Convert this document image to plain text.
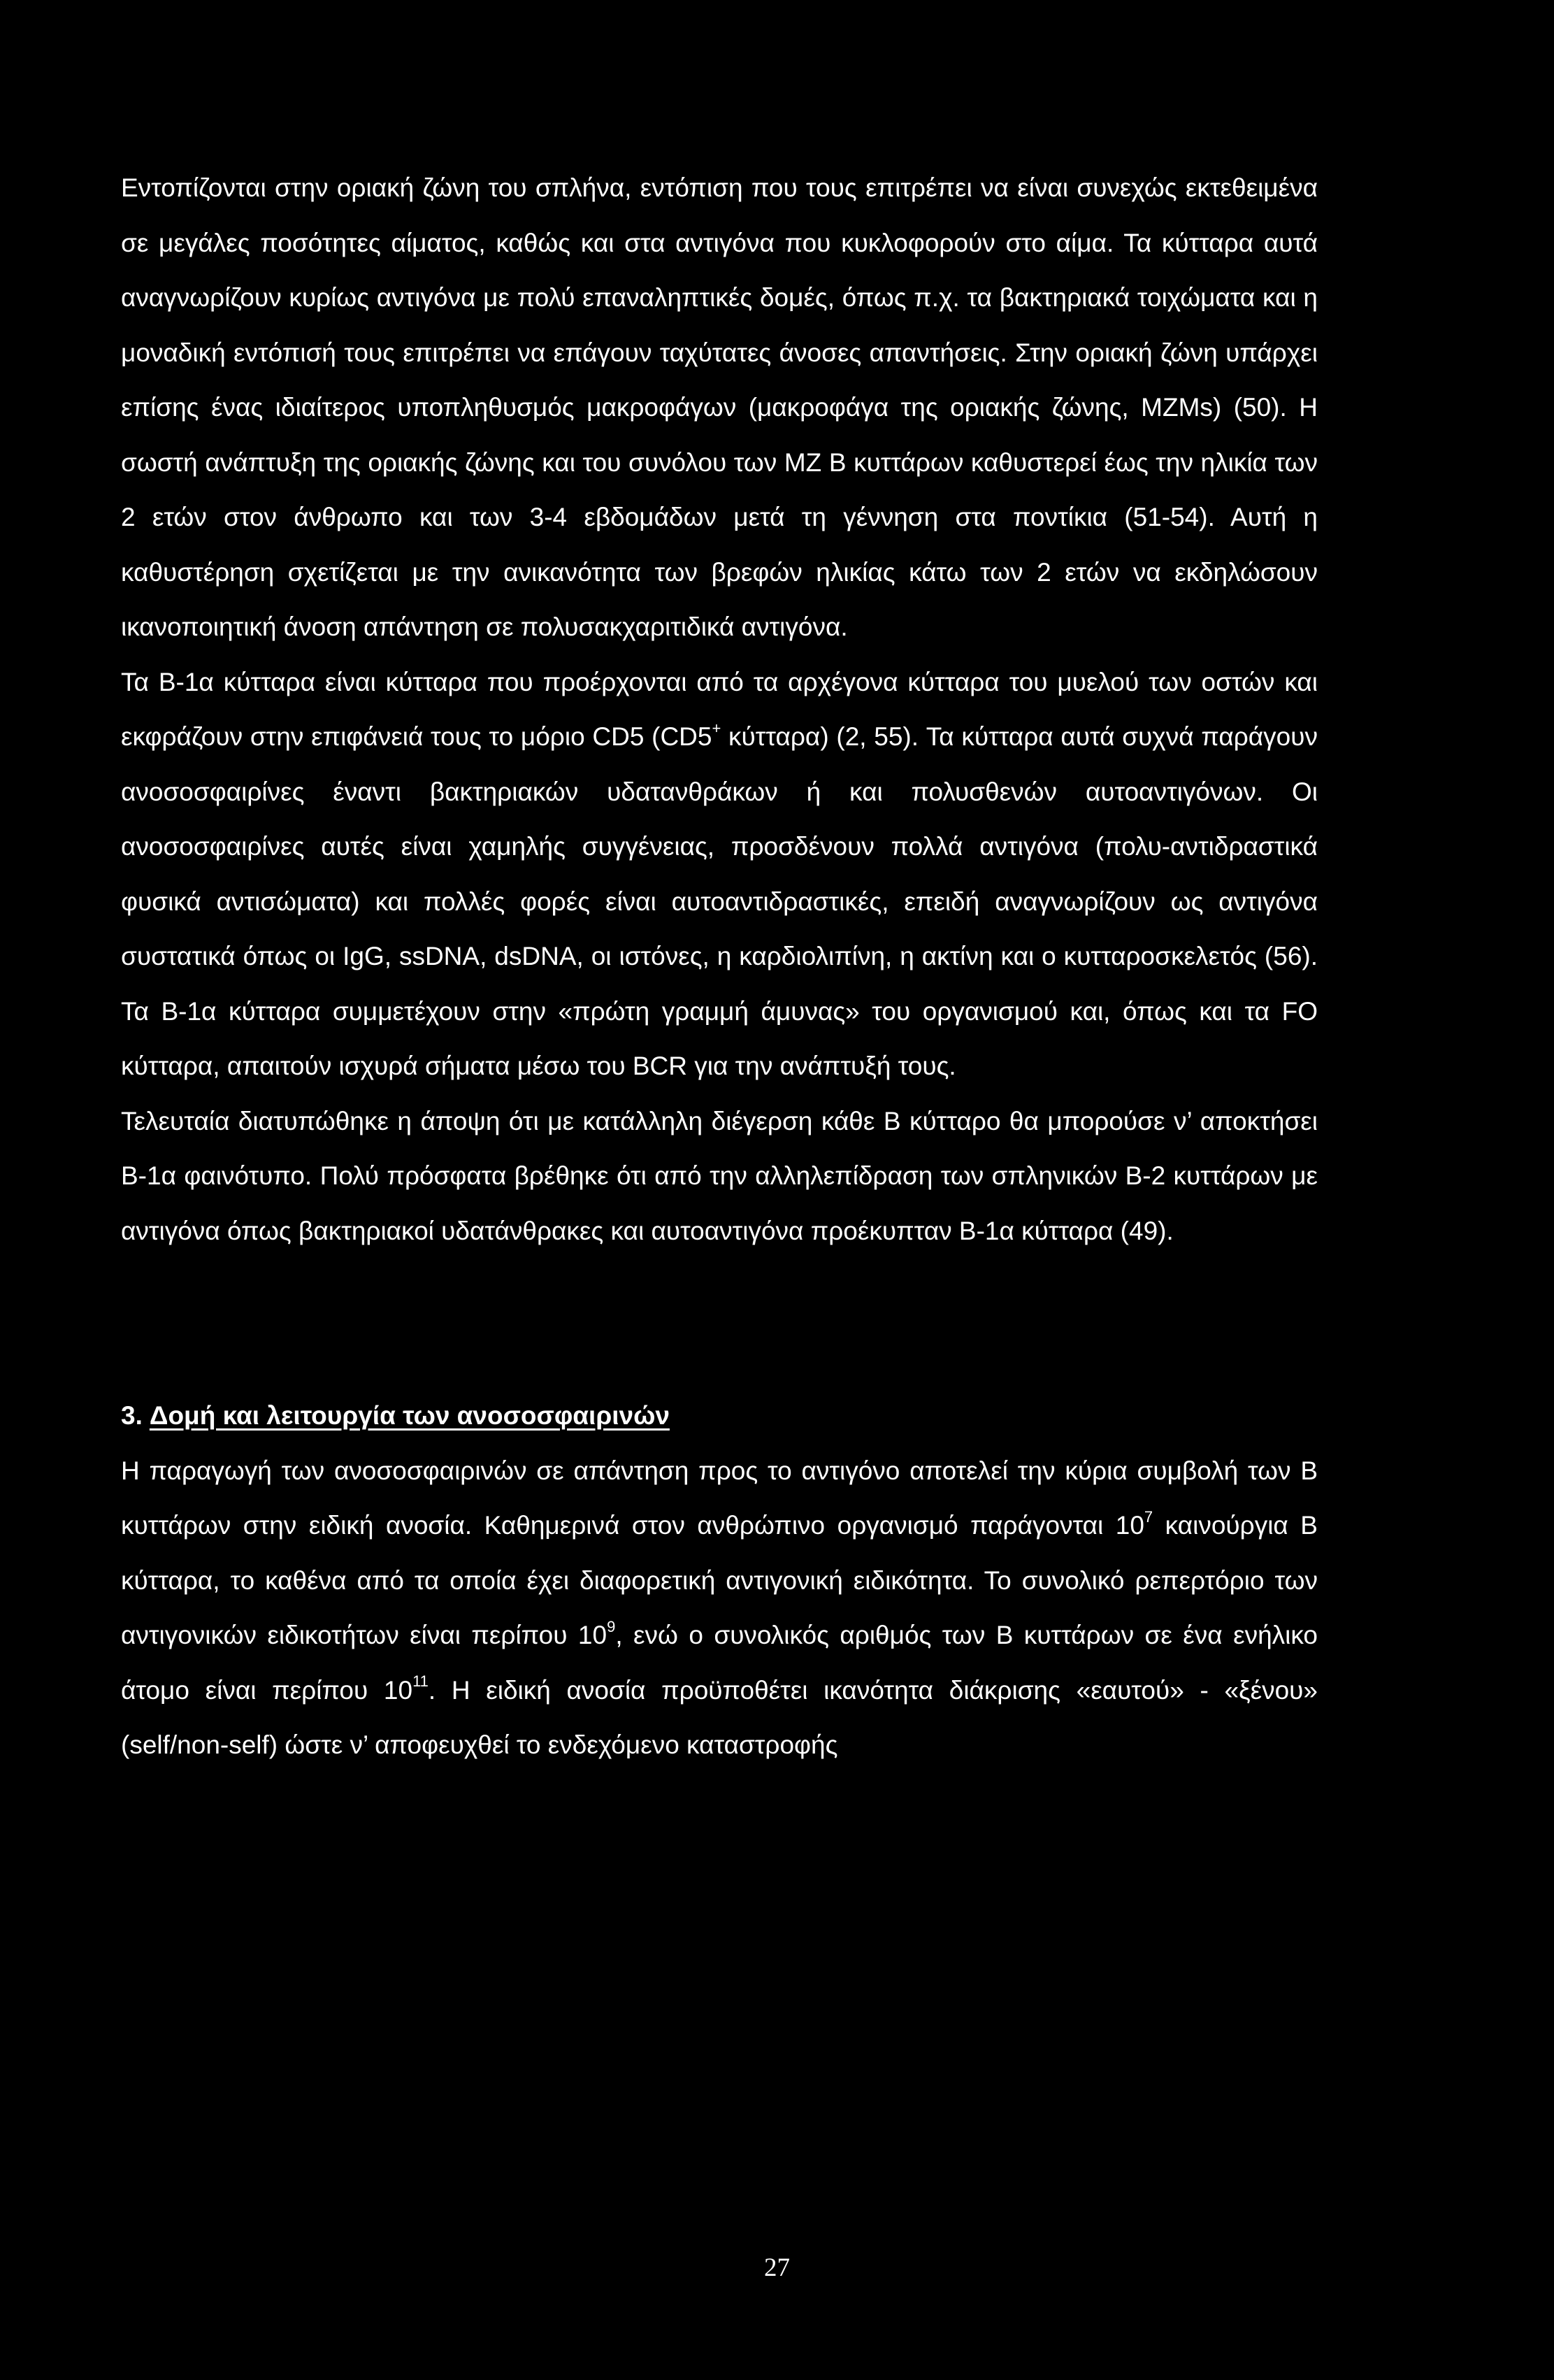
Εντοπίζονται στην οριακή ζώνη του σπλήνα, εντόπιση που τους επιτρέπει να είναι συνεχώς εκτεθειμένα σε μεγάλες ποσότητες αίματος, καθώς και στα αντιγόνα που κυκλοφορούν στο αίμα. Τα κύτταρα αυτά αναγνωρίζουν κυρίως αντιγόνα με πολύ επαναληπτικές δομές, όπως π.χ. τα βακτηριακά τοιχώματα και η μοναδική εντόπισή τους επιτρέπει να επάγουν ταχύτατες άνοσες απαντήσεις. Στην οριακή ζώνη υπάρχει επίσης ένας ιδιαίτερος υποπληθυσμός μακροφάγων (μακροφάγα της οριακής ζώνης, MZMs) (50). Η σωστή ανάπτυξη της οριακής ζώνης και του συνόλου των MZ B κυττάρων καθυστερεί έως την ηλικία των 2 ετών στον άνθρωπο και των 3-4 εβδομάδων μετά τη γέννηση στα ποντίκια (51-54). Αυτή η καθυστέρηση σχετίζεται με την ανικανότητα των βρεφών ηλικίας κάτω των 2 ετών να εκδηλώσουν ικανοποιητική άνοση απάντηση σε πολυσακχαριτιδικά αντιγόνα.

Τα B-1α κύτταρα είναι κύτταρα που προέρχονται από τα αρχέγονα κύτταρα του μυελού των οστών και εκφράζουν στην επιφάνειά τους το μόριο CD5 (CD5+ κύτταρα) (2, 55). Τα κύτταρα αυτά συχνά παράγουν ανοσοσφαιρίνες έναντι βακτηριακών υδατανθράκων ή και πολυσθενών αυτοαντιγόνων. Οι ανοσοσφαιρίνες αυτές είναι χαμηλής συγγένειας, προσδένουν πολλά αντιγόνα (πολυ-αντιδραστικά φυσικά αντισώματα) και πολλές φορές είναι αυτοαντιδραστικές, επειδή αναγνωρίζουν ως αντιγόνα συστατικά όπως οι IgG, ssDNA, dsDNA, οι ιστόνες, η καρδιολιπίνη, η ακτίνη και ο κυτταροσκελετός (56). Τα B-1α κύτταρα συμμετέχουν στην «πρώτη γραμμή άμυνας» του οργανισμού και, όπως και τα FO κύτταρα, απαιτούν ισχυρά σήματα μέσω του BCR για την ανάπτυξή τους.

Τελευταία διατυπώθηκε η άποψη ότι με κατάλληλη διέγερση κάθε B κύτταρο θα μπορούσε ν’ αποκτήσει B-1α φαινότυπο. Πολύ πρόσφατα βρέθηκε ότι από την αλληλεπίδραση των σπληνικών B-2 κυττάρων με αντιγόνα όπως βακτηριακοί υδατάνθρακες και αυτοαντιγόνα προέκυπταν B-1α κύτταρα (49).

3. Δομή και λειτουργία των ανοσοσφαιρινών

Η παραγωγή των ανοσοσφαιρινών σε απάντηση προς το αντιγόνο αποτελεί την κύρια συμβολή των B κυττάρων στην ειδική ανοσία. Καθημερινά στον ανθρώπινο οργανισμό παράγονται $10^7$ καινούργια B κύτταρα, το καθένα από τα οποία έχει διαφορετική αντιγονική ειδικότητα. Το συνολικό ρεπερτόριο των αντιγονικών ειδικοτήτων είναι περίπου $10^9$, ενώ ο συνολικός αριθμός των B κυττάρων σε ένα ενήλικο άτομο είναι περίπου $10^{11}$. Η ειδική ανοσία προϋποθέτει ικανότητα διάκρισης «εαυτού» - «ξένου» (self/non-self) ώστε ν’ αποφευχθεί το ενδεχόμενο καταστροφής

27
